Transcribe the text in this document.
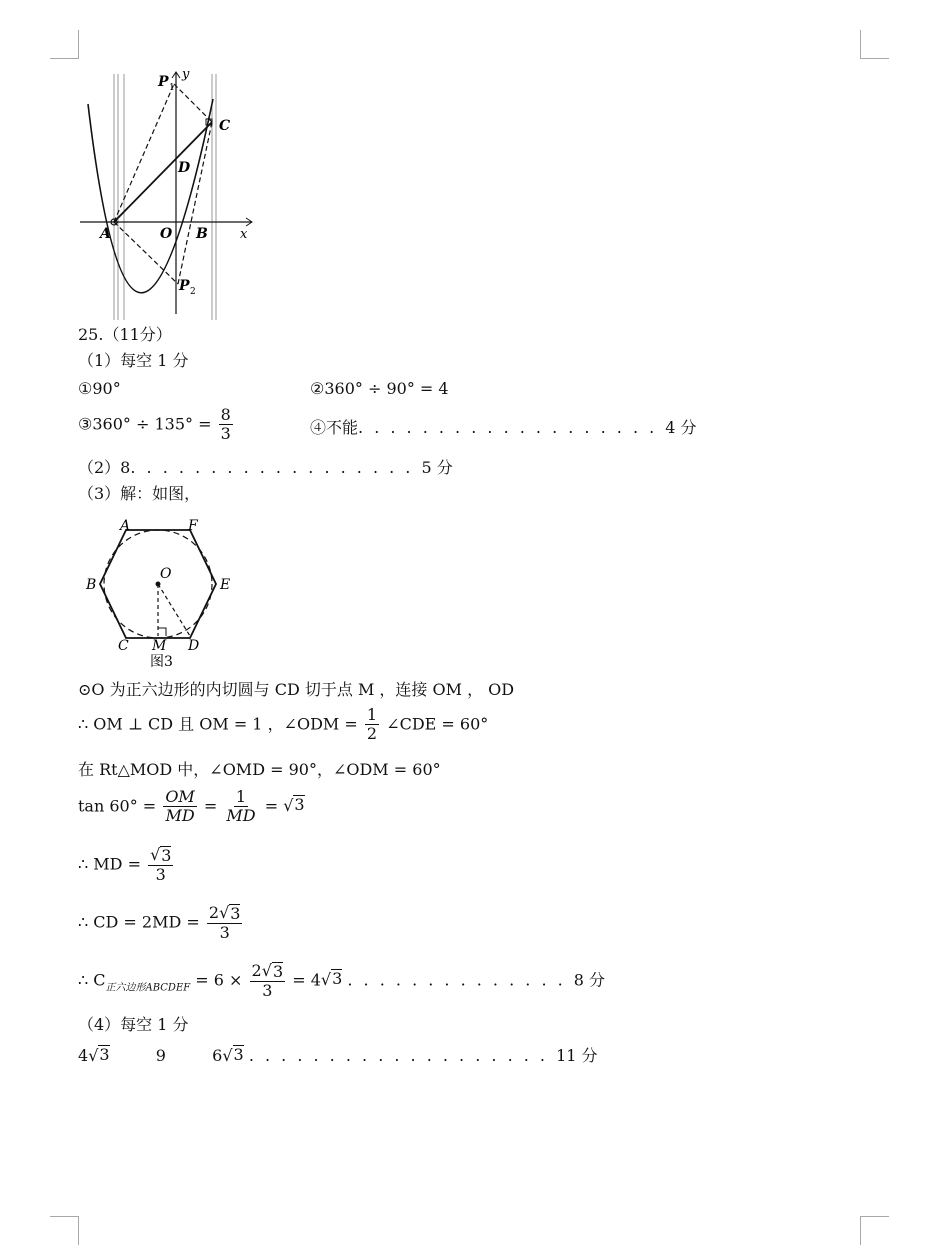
P 1
y
C
D
A	O B x
P 2
25.（11分）
（1）每空 1 分
①90°	②360° ÷ 90° = 4
③360° ÷ $135^\circ = \frac{8}{3}$	④不能. . . . . . . . . . . . . . . . . . . 4 分
（2）8. . . . . . . . . . . . . . . . . . 5 分
（3）解：如图，
A	F
B	E
O
C M D
图3
⊙O 为正六边形的内切圆与 CD 切于点 M ，连接 OM ， OD
∴ OM ⊥ CD 且 OM = 1 ，∠ODM = $\frac{1}{2}$ ∠CDE = 60°
在 Rt△MOD 中，∠OMD = 90°，∠ODM = 60°
$\tan 60^\circ = \frac{OM}{MD} = \frac{1}{MD}$ = √ 3
∴ MD = $\frac{√ 3}{3}$
∴ CD = $2MD = \frac{2 √ 3}{3}$
∴ $C_{正六边形ABCDEF} = 6 \times \frac{2 √ 3}{3} = 4$ √ 3 . . . . . . . . . . . . . . 8 分
（4）每空 1 分
4 √ 3	9	6 √ 3 . . . . . . . . . . . . . . . . . . . 11 分
